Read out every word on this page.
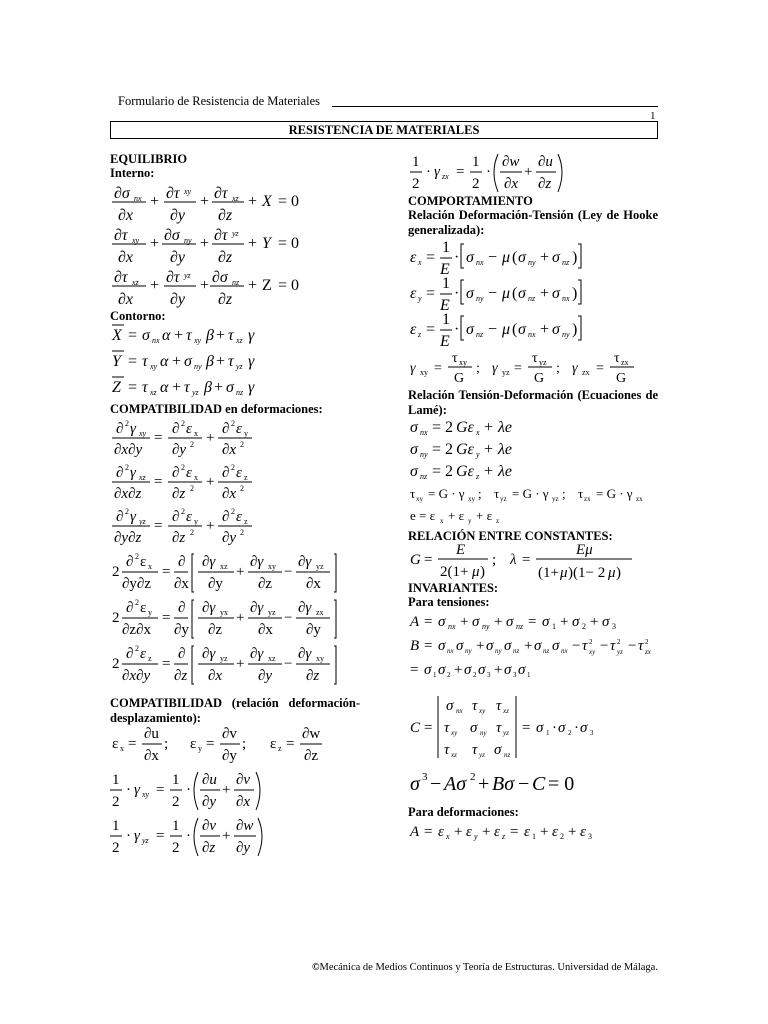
Formulario de Resistencia de Materiales
1
RESISTENCIA DE MATERIALES
EQUILIBRIO
Interno:
∂σ nx
∂x
+ ∂τ xy
∂y
+ ∂τ xz
∂z
+ X = 0
∂τ xy
∂x
+ ∂σ ny
∂y
+ ∂τ yz
∂z
+ Y = 0
∂τ xz
∂x
+ ∂τ yz
∂y
+ ∂σ nz
∂z
+ Z = 0
Contorno:
X = σ nx α + τ xy β + τ xz γ
Y = τ xy α + σ ny β + τ yz γ
Z = τ xz α + τ yz β + σ nz γ
COMPATIBILIDAD en deformaciones:
∂ 2 γ xy
∂x∂y
=
∂ 2 ε x
∂y 2 +
∂ 2 ε y
∂x 2
∂ 2 γ xz
∂x∂z
=
∂ 2 ε x
∂z 2 +
∂ 2 ε z
∂x 2
∂ 2 γ yz
∂y∂z
=
∂ 2 ε y
∂z 2 +
∂ 2 ε z
∂y 2
2
∂ 2 ε x
∂y∂z
=
∂
∂x
∂γ xz
∂y
+
∂γ xy
∂z
−
∂γ yz
∂x
2
∂ 2 ε y
∂z∂x
=
∂
∂y
∂γ yx
∂z
+
∂γ yz
∂x
−
∂γ zx
∂y
2
∂ 2 ε z
∂x∂y
=
∂
∂z
∂γ yz
∂x
+
∂γ xz
∂y
−
∂γ xy
∂z
COMPATIBILIDAD (relación deformación-desplazamiento):
ε x =
∂u
∂x
; ε y =
∂v
∂y
; ε z =
∂w
∂z
1
2
· γ xy =
1
2
·
∂u
∂y
+
∂v
∂x
1
2
· γ yz =
1
2
·
∂v
∂z
+
∂w
∂y
1
2
· γ zx =
1
2
·
∂w
∂x
+
∂u
∂z
COMPORTAMIENTO
Relación Deformación-Tensión (Ley de Hooke generalizada):
ε x =
1
E
· σ nx − μ ( σ ny + σ nz )
ε y =
1
E
· σ ny − μ ( σ nz + σ nx )
ε z =
1
E
· σ nz − μ ( σ nx + σ ny )
γ xy =
τ xy
G
; γ yz =
τ yz
G
; γ zx =
τ zx
G
Relación Tensión-Deformación (Ecuaciones de Lamé):
σ nx = 2 Gε x + λe
σ ny = 2 Gε y + λe
σ nz = 2 Gε z + λe
τ xy = G · γ xy ; τ yz = G · γ yz ; τ zx = G · γ zx
e = ε x + ε y + ε z
RELACIÓN ENTRE CONSTANTES:
G =
E
2(1+ μ )
; λ =
Eμ
(1+ μ )(1− 2 μ )
INVARIANTES:
Para tensiones:
A = σ nx + σ ny + σ nz = σ 1 + σ 2 + σ 3
B = σ nx σ ny + σ ny σ nz + σ nz σ nx − τ 2
xy − τ 2
yz − τ 2
zx
= σ 1 σ 2 + σ 2 σ 3 + σ 3 σ 1
C =
σ nx τ xy τ xz
τ xy σ ny τ yz
τ xz τ yz σ nz
= σ 1 · σ 2 · σ 3
σ 3 − Aσ 2 + Bσ − C = 0
Para deformaciones:
A = ε x + ε y + ε z = ε 1 + ε 2 + ε 3
©Mecánica de Medios Continuos y Teoría de Estructuras. Universidad de Málaga.
